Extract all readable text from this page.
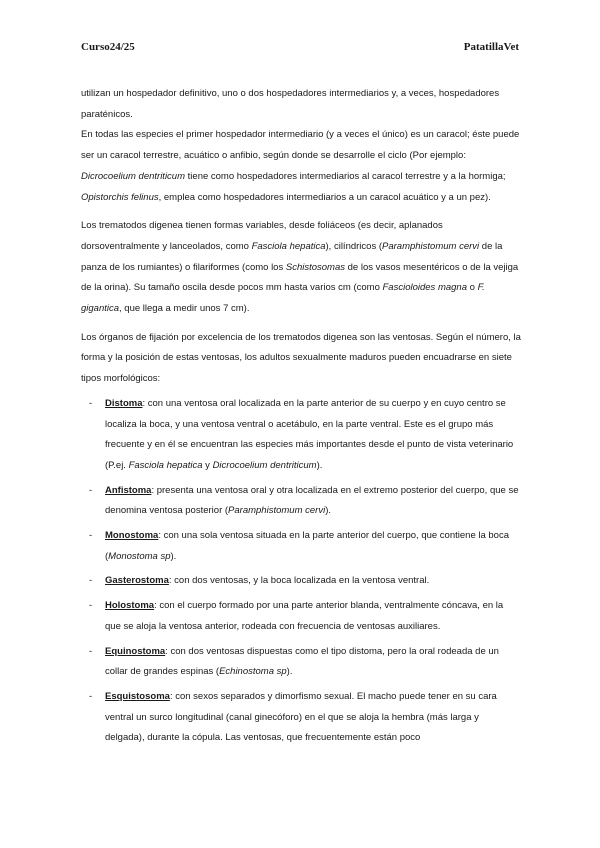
Curso24/25	PatatillaVet

utilizan un hospedador definitivo, uno o dos hospedadores intermediarios y, a veces, hospedadores paraténicos.

En todas las especies el primer hospedador intermediario (y a veces el único) es un caracol; éste puede ser un caracol terrestre, acuático o anfibio, según donde se desarrolle el ciclo (Por ejemplo: Dicrocoelium dentriticum tiene como hospedadores intermediarios al caracol terrestre y a la hormiga; Opistorchis felinus, emplea como hospedadores intermediarios a un caracol acuático y a un pez).

Los trematodos digenea tienen formas variables, desde foliáceos (es decir, aplanados dorsoventralmente y lanceolados, como Fasciola hepatica), cilíndricos (Paramphistomum cervi de la panza de los rumiantes) o filariformes (como los Schistosomas de los vasos mesentéricos o de la vejiga de la orina). Su tamaño oscila desde pocos mm hasta varios cm (como Fascioloides magna o F. gigantica, que llega a medir unos 7 cm).

Los órganos de fijación por excelencia de los trematodos digenea son las ventosas. Según el número, la forma y la posición de estas ventosas, los adultos sexualmente maduros pueden encuadrarse en siete tipos morfológicos:

- Distoma: con una ventosa oral localizada en la parte anterior de su cuerpo y en cuyo centro se localiza la boca, y una ventosa ventral o acetábulo, en la parte ventral. Este es el grupo más frecuente y en él se encuentran las especies más importantes desde el punto de vista veterinario (P.ej. Fasciola hepatica y Dicrocoelium dentriticum).
- Anfistoma: presenta una ventosa oral y otra localizada en el extremo posterior del cuerpo, que se denomina ventosa posterior (Paramphistomum cervi).
- Monostoma: con una sola ventosa situada en la parte anterior del cuerpo, que contiene la boca (Monostoma sp).
- Gasterostoma: con dos ventosas, y la boca localizada en la ventosa ventral.
- Holostoma: con el cuerpo formado por una parte anterior blanda, ventralmente cóncava, en la que se aloja la ventosa anterior, rodeada con frecuencia de ventosas auxiliares.
- Equinostoma: con dos ventosas dispuestas como el tipo distoma, pero la oral rodeada de un collar de grandes espinas (Echinostoma sp).
- Esquistosoma: con sexos separados y dimorfismo sexual. El macho puede tener en su cara ventral un surco longitudinal (canal ginecóforo) en el que se aloja la hembra (más larga y delgada), durante la cópula. Las ventosas, que frecuentemente están poco
